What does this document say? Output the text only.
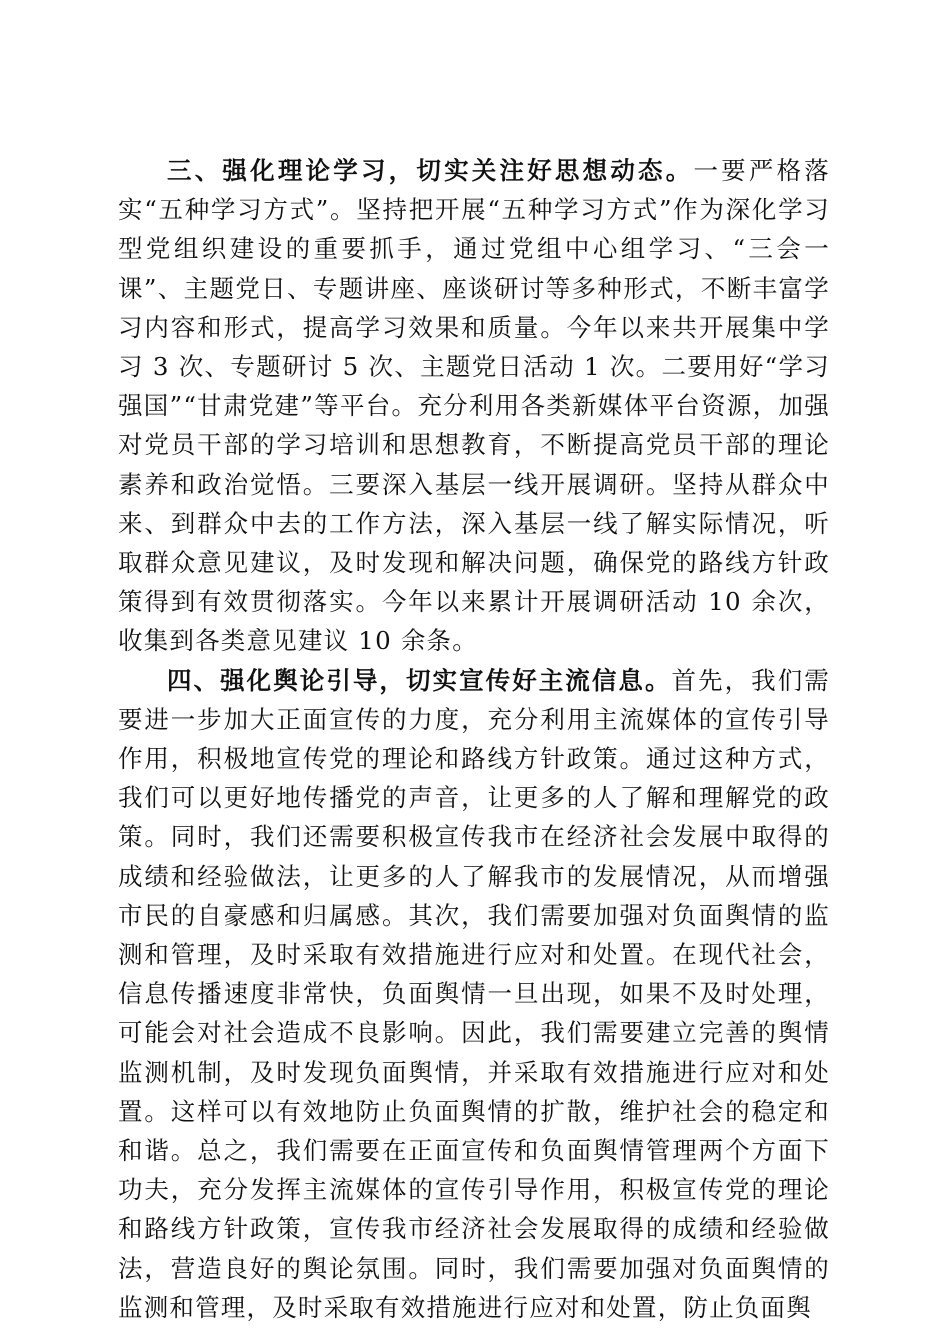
三、强化理论学习，切实关注好思想动态。一要严格落实“五种学习方式”。坚持把开展“五种学习方式”作为深化学习型党组织建设的重要抓手，通过党组中心组学习、“三会一课”、主题党日、专题讲座、座谈研讨等多种形式，不断丰富学习内容和形式，提高学习效果和质量。今年以来共开展集中学习 3 次、专题研讨 5 次、主题党日活动 1 次。二要用好“学习强国”“甘肃党建”等平台。充分利用各类新媒体平台资源，加强对党员干部的学习培训和思想教育，不断提高党员干部的理论素养和政治觉悟。三要深入基层一线开展调研。坚持从群众中来、到群众中去的工作方法，深入基层一线了解实际情况，听取群众意见建议，及时发现和解决问题，确保党的路线方针政策得到有效贯彻落实。今年以来累计开展调研活动 10 余次，收集到各类意见建议 10 余条。

四、强化舆论引导，切实宣传好主流信息。首先，我们需要进一步加大正面宣传的力度，充分利用主流媒体的宣传引导作用，积极地宣传党的理论和路线方针政策。通过这种方式，我们可以更好地传播党的声音，让更多的人了解和理解党的政策。同时，我们还需要积极宣传我市在经济社会发展中取得的成绩和经验做法，让更多的人了解我市的发展情况，从而增强市民的自豪感和归属感。其次，我们需要加强对负面舆情的监测和管理，及时采取有效措施进行应对和处置。在现代社会，信息传播速度非常快，负面舆情一旦出现，如果不及时处理，可能会对社会造成不良影响。因此，我们需要建立完善的舆情监测机制，及时发现负面舆情，并采取有效措施进行应对和处置。这样可以有效地防止负面舆情的扩散，维护社会的稳定和和谐。总之，我们需要在正面宣传和负面舆情管理两个方面下功夫，充分发挥主流媒体的宣传引导作用，积极宣传党的理论和路线方针政策，宣传我市经济社会发展取得的成绩和经验做法，营造良好的舆论氛围。同时，我们需要加强对负面舆情的监测和管理，及时采取有效措施进行应对和处置，防止负面舆
